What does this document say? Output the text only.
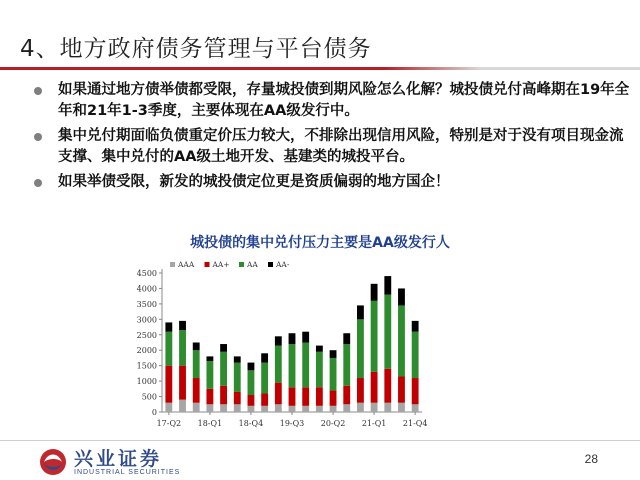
4、地方政府债务管理与平台债务
如果通过地方债举债都受限，存量城投债到期风险怎么化解？城投债兑付高峰期在19年全年和21年1-3季度，主要体现在AA级发行中。
集中兑付期面临负债重定价压力较大，不排除出现信用风险，特别是对于没有项目现金流支撑、集中兑付的AA级土地开发、基建类的城投平台。
如果举债受限，新发的城投债定位更是资质偏弱的地方国企！
城投债的集中兑付压力主要是AA级发行人
0
500
1000
1500
2000
2500
3000
3500
4000
4500
17-Q2 18-Q1 18-Q4 19-Q3 20-Q2 21-Q1 21-Q4
AAA AA+ AA AA-
兴业证券
INDUSTRIAL SECURITIES
28
